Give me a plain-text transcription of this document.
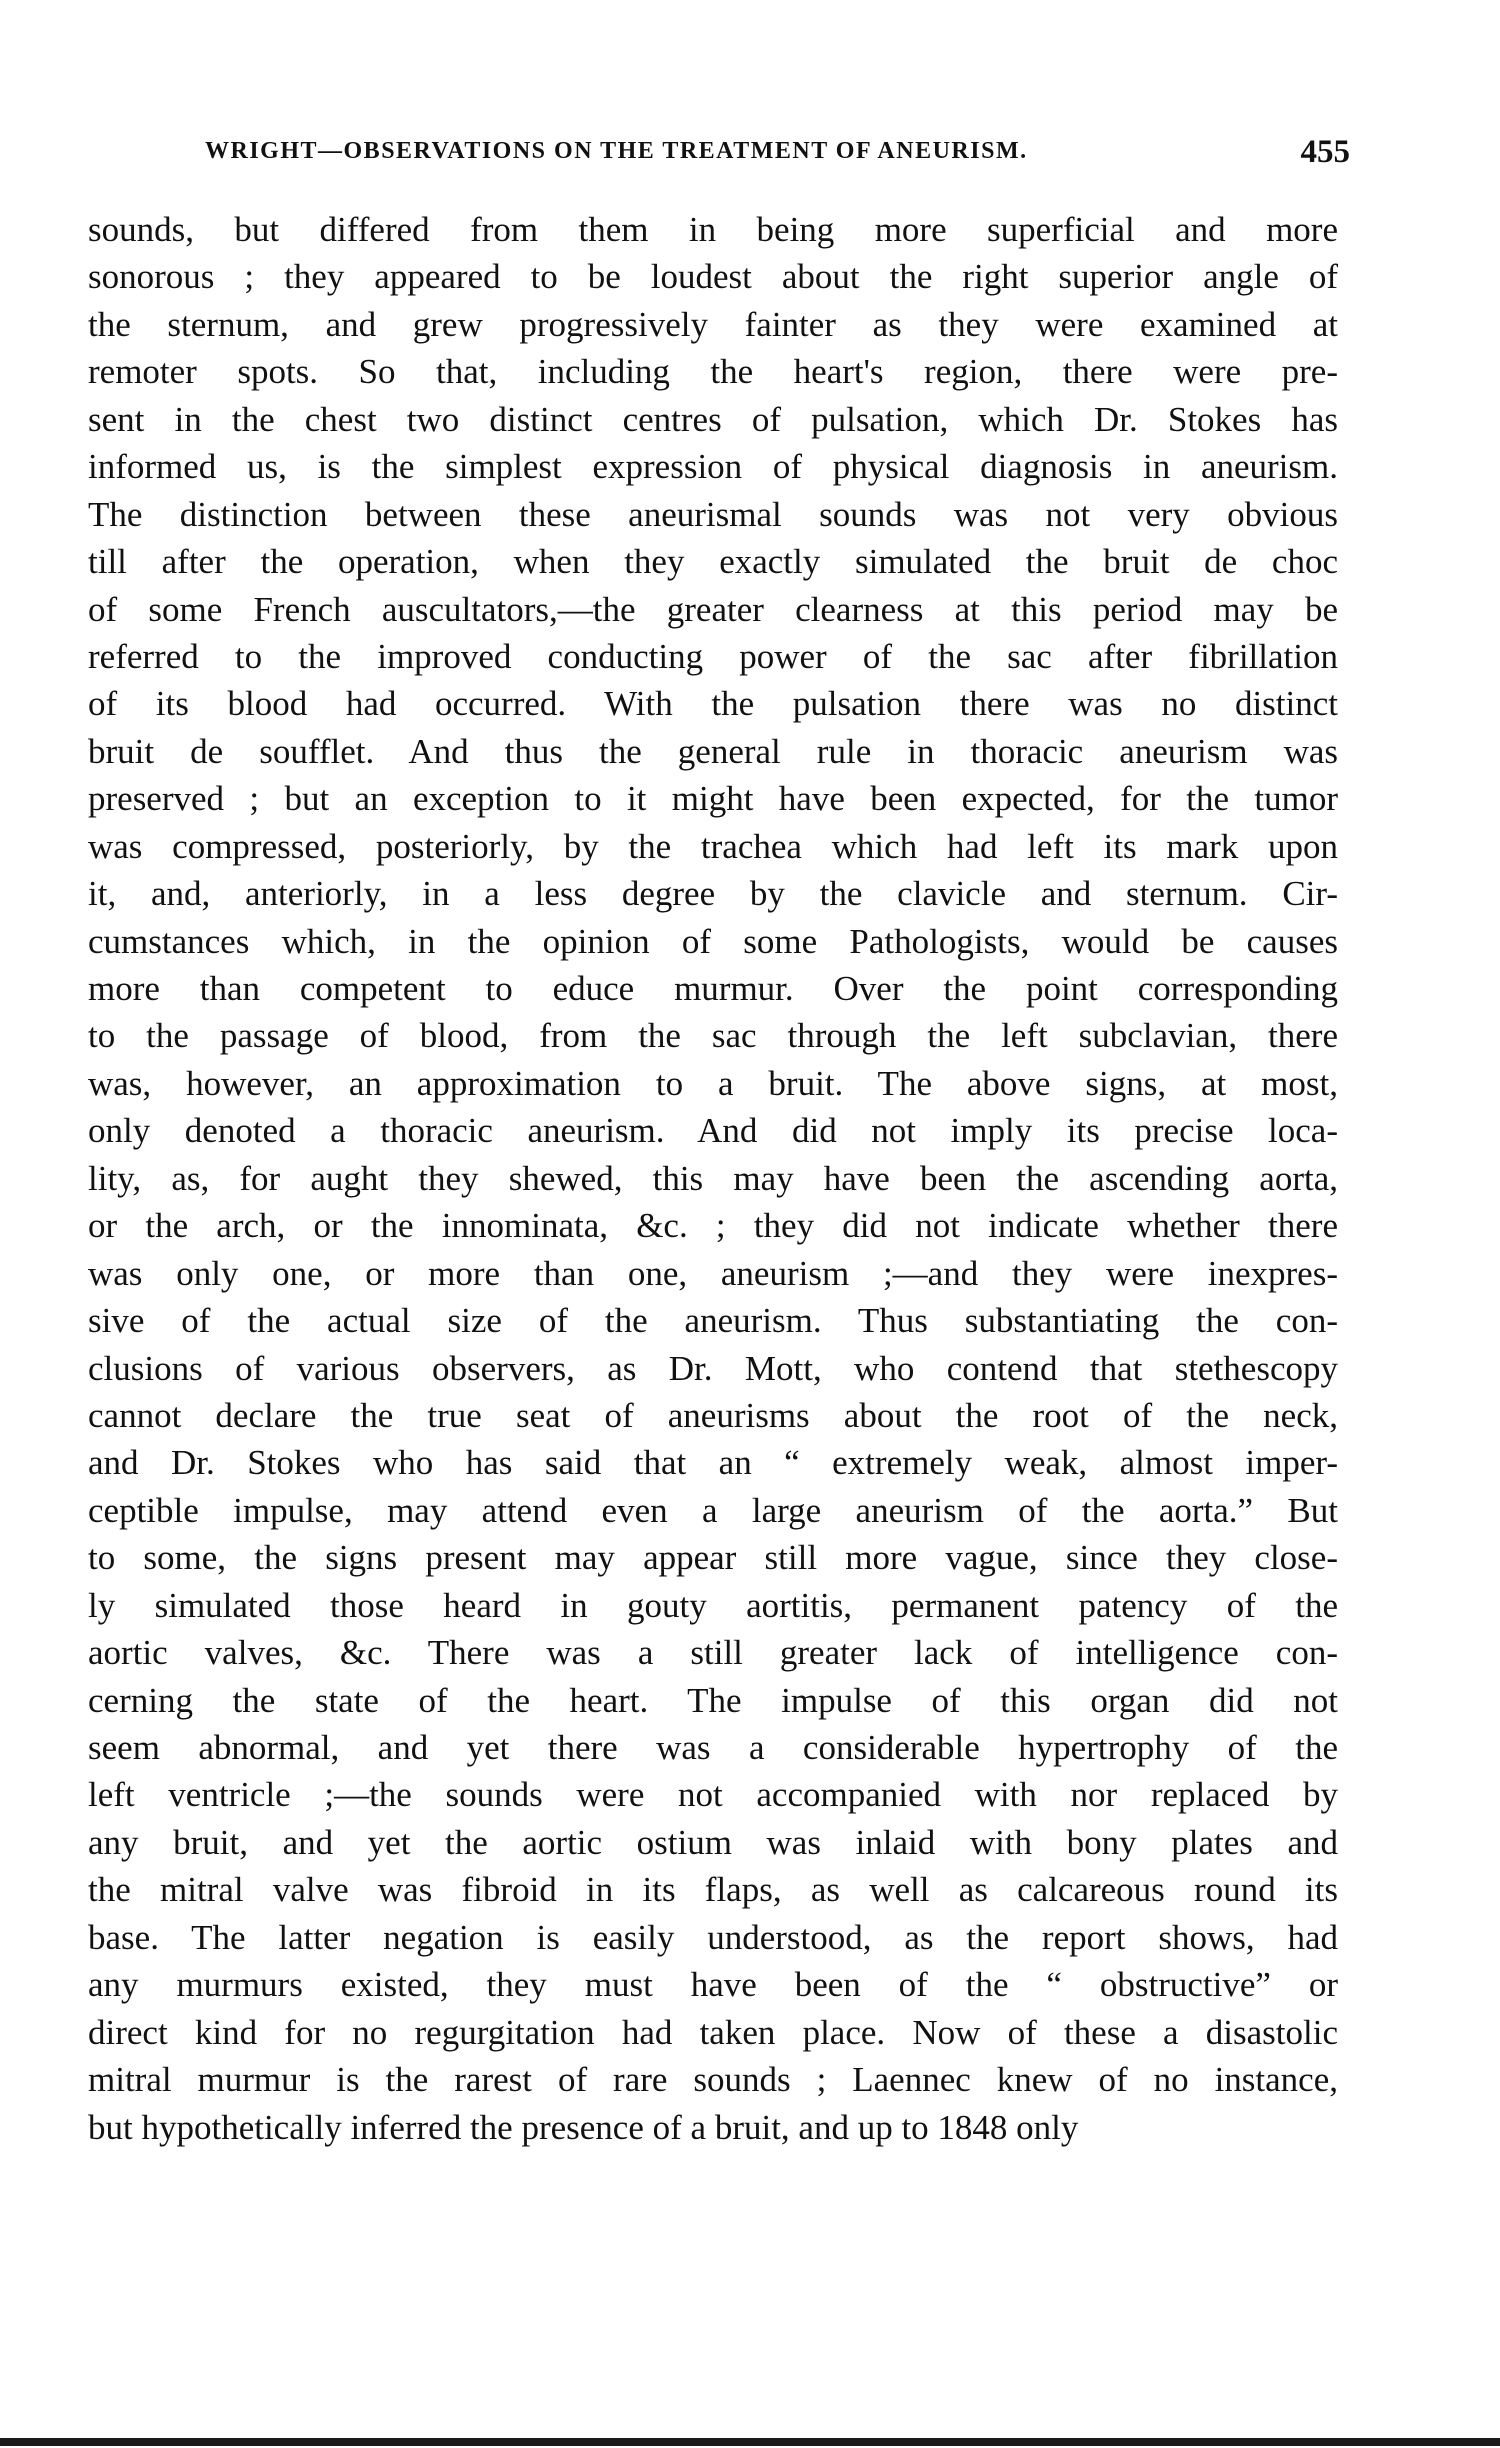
WRIGHT—OBSERVATIONS ON THE TREATMENT OF ANEURISM.	455
sounds, but differed from them in being more superficial and more
sonorous ; they appeared to be loudest about the right superior angle of
the sternum, and grew progressively fainter as they were examined at
remoter spots. So that, including the heart's region, there were pre-
sent in the chest two distinct centres of pulsation, which Dr. Stokes has
informed us, is the simplest expression of physical diagnosis in aneurism.
The distinction between these aneurismal sounds was not very obvious
till after the operation, when they exactly simulated the bruit de choc
of some French auscultators,—the greater clearness at this period may be
referred to the improved conducting power of the sac after fibrillation
of its blood had occurred. With the pulsation there was no distinct
bruit de soufflet. And thus the general rule in thoracic aneurism was
preserved ; but an exception to it might have been expected, for the tumor
was compressed, posteriorly, by the trachea which had left its mark upon
it, and, anteriorly, in a less degree by the clavicle and sternum. Cir-
cumstances which, in the opinion of some Pathologists, would be causes
more than competent to educe murmur. Over the point corresponding
to the passage of blood, from the sac through the left subclavian, there
was, however, an approximation to a bruit. The above signs, at most,
only denoted a thoracic aneurism. And did not imply its precise loca-
lity, as, for aught they shewed, this may have been the ascending aorta,
or the arch, or the innominata, &c. ; they did not indicate whether there
was only one, or more than one, aneurism ;—and they were inexpres-
sive of the actual size of the aneurism. Thus substantiating the con-
clusions of various observers, as Dr. Mott, who contend that stethescopy
cannot declare the true seat of aneurisms about the root of the neck,
and Dr. Stokes who has said that an “ extremely weak, almost imper-
ceptible impulse, may attend even a large aneurism of the aorta.” But
to some, the signs present may appear still more vague, since they close-
ly simulated those heard in gouty aortitis, permanent patency of the
aortic valves, &c. There was a still greater lack of intelligence con-
cerning the state of the heart. The impulse of this organ did not
seem abnormal, and yet there was a considerable hypertrophy of the
left ventricle ;—the sounds were not accompanied with nor replaced by
any bruit, and yet the aortic ostium was inlaid with bony plates and
the mitral valve was fibroid in its flaps, as well as calcareous round its
base. The latter negation is easily understood, as the report shows, had
any murmurs existed, they must have been of the “ obstructive” or
direct kind for no regurgitation had taken place. Now of these a disastolic
mitral murmur is the rarest of rare sounds ; Laennec knew of no instance,
but hypothetically inferred the presence of a bruit, and up to 1848 only
